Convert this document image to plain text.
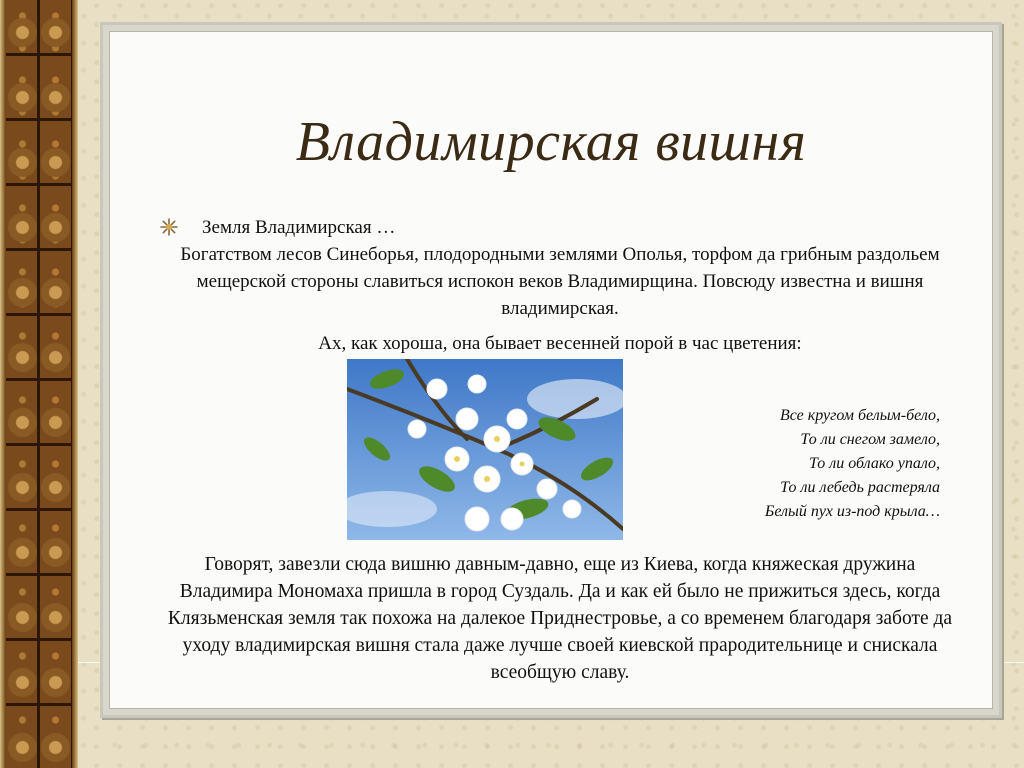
Владимирская вишня
Земля Владимирская …
Богатством лесов Синеборья, плодородными землями Ополья, торфом да грибным раздольем мещерской стороны славиться испокон веков Владимирщина. Повсюду известна и вишня владимирская.
Ах, как хороша, она бывает весенней порой в час цветения:
Все кругом белым-бело,
То ли снегом замело,
То ли облако упало,
То ли лебедь растеряла
Белый пух из-под крыла…
Говорят, завезли сюда вишню давным-давно, еще из Киева, когда княжеская дружина Владимира Мономаха пришла в город Суздаль. Да и как ей было не прижиться здесь, когда Клязьменская земля так похожа на далекое Приднестровье, а со временем благодаря заботе да уходу владимирская вишня стала даже лучше своей киевской прародительнице и снискала всеобщую славу.
